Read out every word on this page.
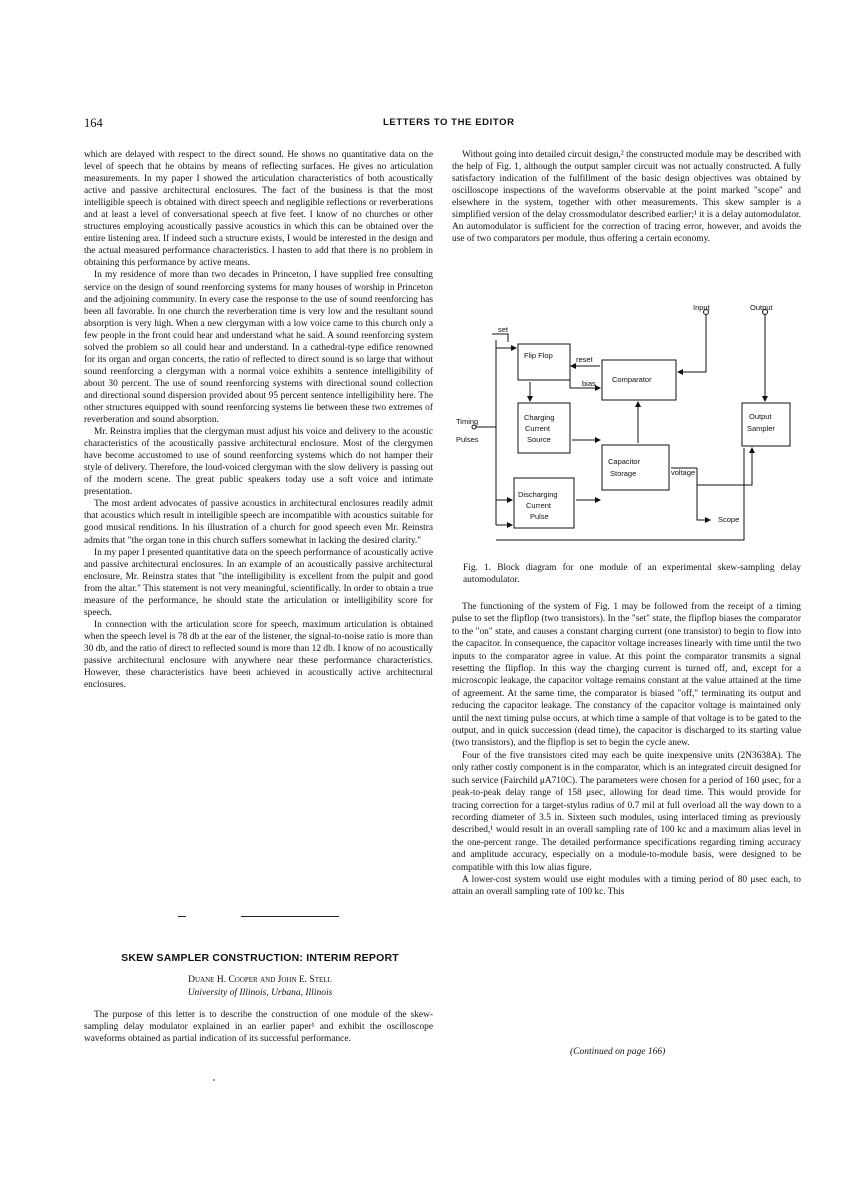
164	LETTERS TO THE EDITOR

which are delayed with respect to the direct sound. He shows no quantitative data on the level of speech that he obtains by means of reflecting surfaces. He gives no articulation measurements. In my paper I showed the articulation characteristics of both acoustically active and passive architectural enclosures. The fact of the business is that the most intelligible speech is obtained with direct speech and negligible reflections or reverberations and at least a level of conversational speech at five feet. I know of no churches or other structures employing acoustically passive acoustics in which this can be obtained over the entire listening area. If indeed such a structure exists, I would be interested in the design and the actual measured performance characteristics. I hasten to add that there is no problem in obtaining this performance by active means.

In my residence of more than two decades in Princeton, I have supplied free consulting service on the design of sound reenforcing systems for many houses of worship in Princeton and the adjoining community. In every case the response to the use of sound reenforcing has been all favorable. In one church the reverberation time is very low and the resultant sound absorption is very high. When a new clergyman with a low voice came to this church only a few people in the front could hear and understand what he said. A sound reenforcing system solved the problem so all could hear and understand. In a cathedral-type edifice renowned for its organ and organ concerts, the ratio of reflected to direct sound is so large that without sound reenforcing a clergyman with a normal voice exhibits a sentence intelligibility of about 30 percent. The use of sound reenforcing systems with directional sound collection and directional sound dispersion provided about 95 percent sentence intelligibility here. The other structures equipped with sound reenforcing systems lie between these two extremes of reverberation and sound absorption.

Mr. Reinstra implies that the clergyman must adjust his voice and delivery to the acoustic characteristics of the acoustically passive architectural enclosure. Most of the clergymen have become accustomed to use of sound reenforcing systems which do not hamper their style of delivery. Therefore, the loud-voiced clergyman with the slow delivery is passing out of the modern scene. The great public speakers today use a soft voice and intimate presentation.

The most ardent advocates of passive acoustics in architectural enclosures readily admit that acoustics which result in intelligible speech are incompatible with acoustics suitable for good musical renditions. In his illustration of a church for good speech even Mr. Reinstra admits that "the organ tone in this church suffers somewhat in lacking the desired clarity."

In my paper I presented quantitative data on the speech performance of acoustically active and passive architectural enclosures. In an example of an acoustically passive architectural enclosure, Mr. Reinstra states that "the intelligibility is excellent from the pulpit and good from the altar." This statement is not very meaningful, scientifically. In order to obtain a true measure of the performance, he should state the articulation or intelligibility score for speech.

In connection with the articulation score for speech, maximum articulation is obtained when the speech level is 78 db at the ear of the listener, the signal-to-noise ratio is more than 30 db, and the ratio of direct to reflected sound is more than 12 db. I know of no acoustically passive architectural enclosure with anywhere near these performance characteristics. However, these characteristics have been achieved in acoustically active architectural enclosures.

SKEW SAMPLER CONSTRUCTION: INTERIM REPORT
Duane H. Cooper and John E. Stell
University of Illinois, Urbana, Illinois

The purpose of this letter is to describe the construction of one module of the skew-sampling delay modulator explained in an earlier paper¹ and exhibit the oscilloscope waveforms obtained as partial indication of its successful performance.

Without going into detailed circuit design,² the constructed module may be described with the help of Fig. 1, although the output sampler circuit was not actually constructed. A fully satisfactory indication of the fulfillment of the basic design objectives was obtained by oscilloscope inspections of the waveforms observable at the point marked "scope" and elsewhere in the system, together with other measurements. This skew sampler is a simplified version of the delay crossmodulator described earlier;¹ it is a delay automodulator. An automodulator is sufficient for the correction of tracing error, however, and avoids the use of two comparators per module, thus offering a certain economy.

Input	Output
set
Flip Flop	reset
bias Comparator
Charging
Current
Source
Timing
Pulses
Capacitor
Storage	voltage
Output
Sampler
Discharging
Current
Pulse	Scope
Fig. 1. Block diagram for one module of an experimental skew-sampling delay automodulator.

The functioning of the system of Fig. 1 may be followed from the receipt of a timing pulse to set the flipflop (two transistors). In the "set" state, the flipflop biases the comparator to the "on" state, and causes a constant charging current (one transistor) to begin to flow into the capacitor. In consequence, the capacitor voltage increases linearly with time until the two inputs to the comparator agree in value. At this point the comparator transmits a signal resetting the flipflop. In this way the charging current is turned off, and, except for a microscopic leakage, the capacitor voltage remains constant at the value attained at the time of agreement. At the same time, the comparator is biased "off," terminating its output and reducing the capacitor leakage. The constancy of the capacitor voltage is maintained only until the next timing pulse occurs, at which time a sample of that voltage is to be gated to the output, and in quick succession (dead time), the capacitor is discharged to its starting value (two transistors), and the flipflop is set to begin the cycle anew.

Four of the five transistors cited may each be quite inexpensive units (2N3638A). The only rather costly component is in the comparator, which is an integrated circuit designed for such service (Fairchild μA710C). The parameters were chosen for a period of 160 μsec, for a peak-to-peak delay range of 158 μsec, allowing for dead time. This would provide for tracing correction for a target-stylus radius of 0.7 mil at full overload all the way down to a recording diameter of 3.5 in. Sixteen such modules, using interlaced timing as previously described,¹ would result in an overall sampling rate of 100 kc and a maximum alias level in the one-percent range. The detailed performance specifications regarding timing accuracy and amplitude accuracy, especially on a module-to-module basis, were designed to be compatible with this low alias figure.

A lower-cost system would use eight modules with a timing period of 80 μsec each, to attain an overall sampling rate of 100 kc. This

(Continued on page 166)
